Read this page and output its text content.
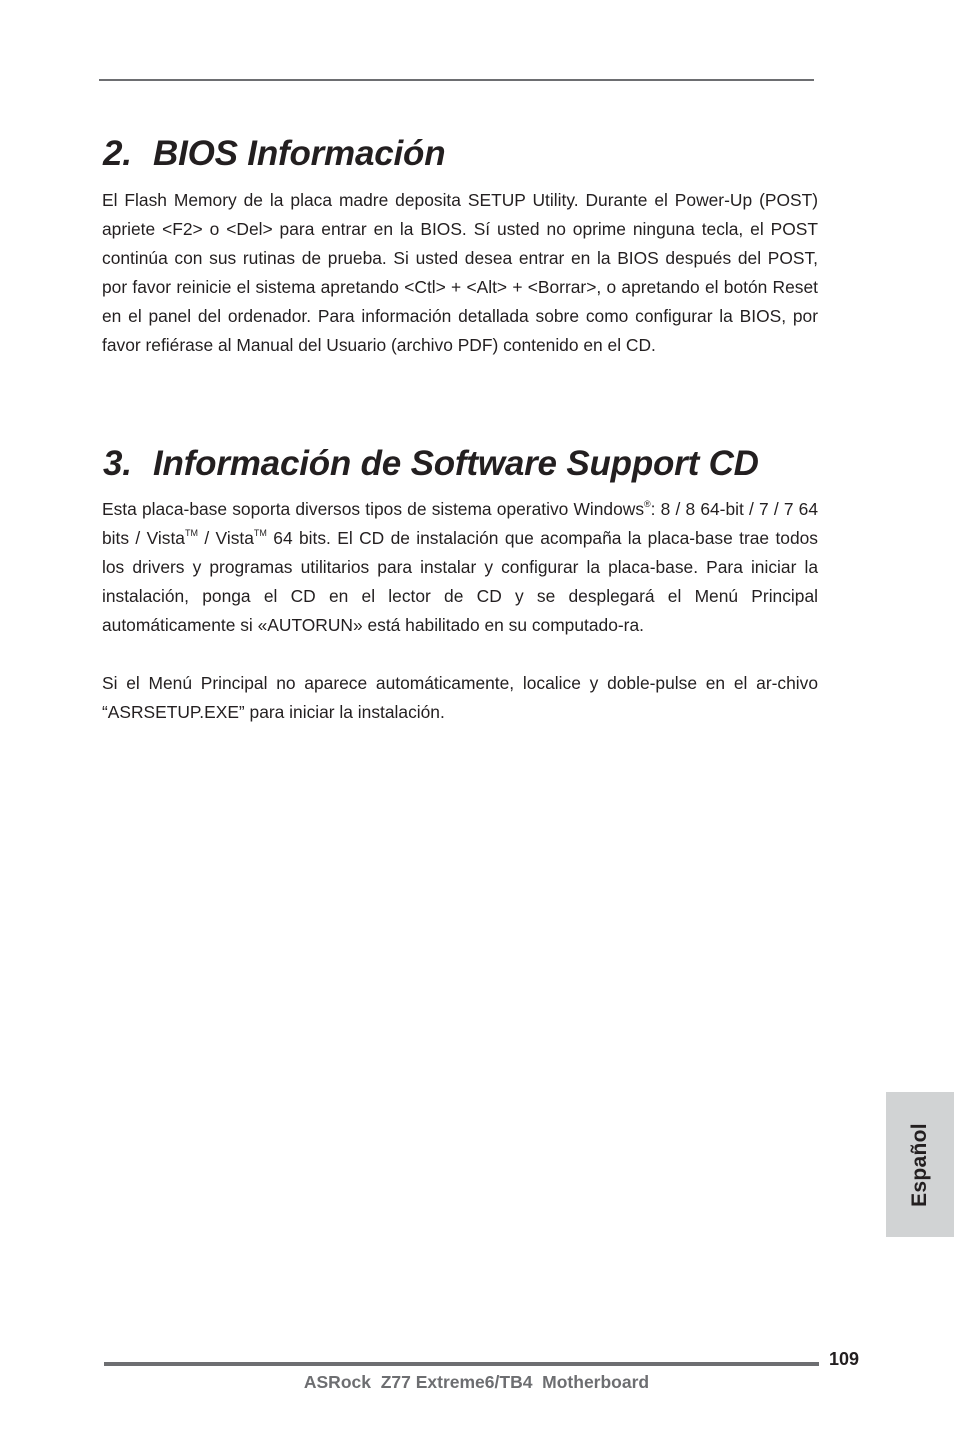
2. BIOS Información

El Flash Memory de la placa madre deposita SETUP Utility. Durante el Power-Up (POST) apriete <F2> o <Del> para entrar en la BIOS. Sí usted no oprime ninguna tecla, el POST continúa con sus rutinas de prueba. Si usted desea entrar en la BIOS después del POST, por favor reinicie el sistema apretando <Ctl> + <Alt> + <Borrar>, o apretando el botón Reset en el panel del ordenador. Para información detallada sobre como configurar la BIOS, por favor refiérase al Manual del Usuario (archivo PDF) contenido en el CD.

3. Información de Software Support CD

Esta placa-base soporta diversos tipos de sistema operativo Windows®: 8 / 8 64-bit / 7 / 7 64 bits / Vista™ / Vista™ 64 bits. El CD de instalación que acompaña la placa-base trae todos los drivers y programas utilitarios para instalar y configurar la placa-base. Para iniciar la instalación, ponga el CD en el lector de CD y se desplegará el Menú Principal automáticamente si «AUTORUN» está habilitado en su computado-ra.

Si el Menú Principal no aparece automáticamente, localice y doble-pulse en el ar-chivo “ASRSETUP.EXE” para iniciar la instalación.

Español
109
ASRock  Z77 Extreme6/TB4  Motherboard
